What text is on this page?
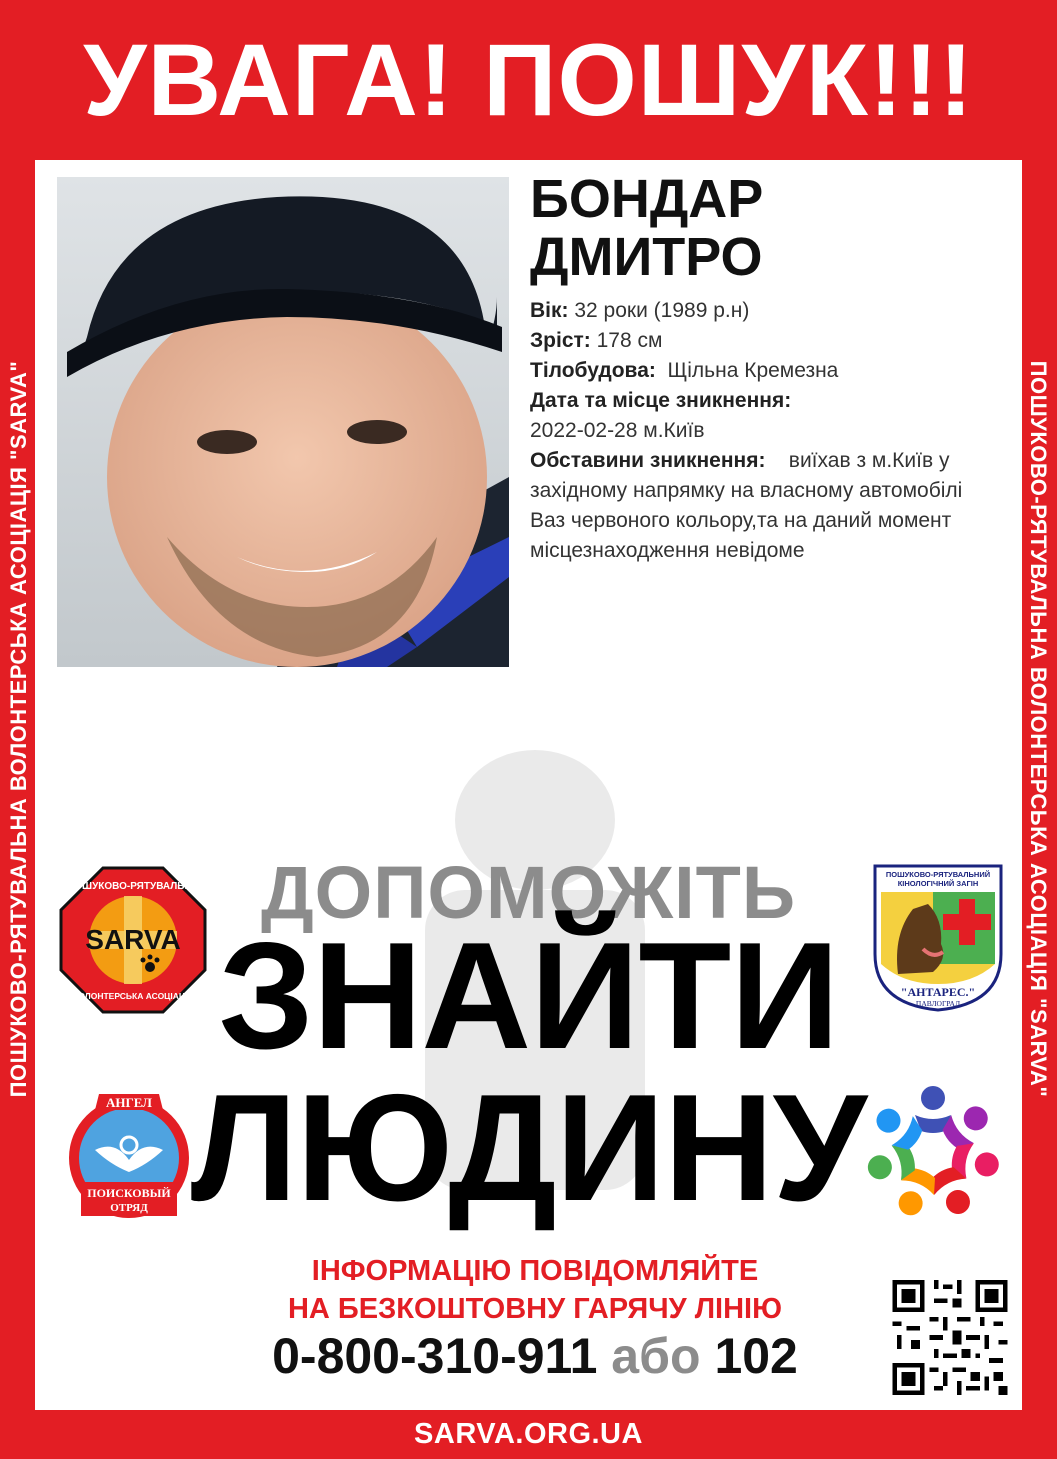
УВАГА! ПОШУК!!!
ПОШУКОВО-РЯТУВАЛЬНА ВОЛОНТЕРСЬКА АСОЦІАЦІЯ "SARVA"	ПОШУКОВО-РЯТУВАЛЬНА ВОЛОНТЕРСЬКА АСОЦІАЦІЯ "SARVA"
БОНДАР
ДМИТРО
Вік: 32 роки (1989 р.н)
Зріст: 178 см
Тілобудова: Щільна Кремезна
Дата та місце зникнення:
2022-02-28 м.Київ
Обставини зникнення: виїхав з м.Київ у західному напрямку на власному автомобілі Ваз червоного кольору,та на даний момент місцезнаходження невідоме
ДОПОМОЖІТЬ
ЗНАЙТИ
ЛЮДИНУ
SARVA
ПОШУКОВО-РЯТУВАЛЬНА
ВОЛОНТЕРСЬКА АСОЦІАЦІЯ
ПОШУКОВО-РЯТУВАЛЬНИЙ
КІНОЛОГІЧНИЙ ЗАГІН
"АНТАРЕС."
ПАВЛОГРАД
АНГЕЛ
ПОИСКОВЫЙ
ОТРЯД
ІНФОРМАЦІЮ ПОВІДОМЛЯЙТЕ
НА БЕЗКОШТОВНУ ГАРЯЧУ ЛІНІЮ
0-800-310-911 або 102
SARVA.ORG.UA
